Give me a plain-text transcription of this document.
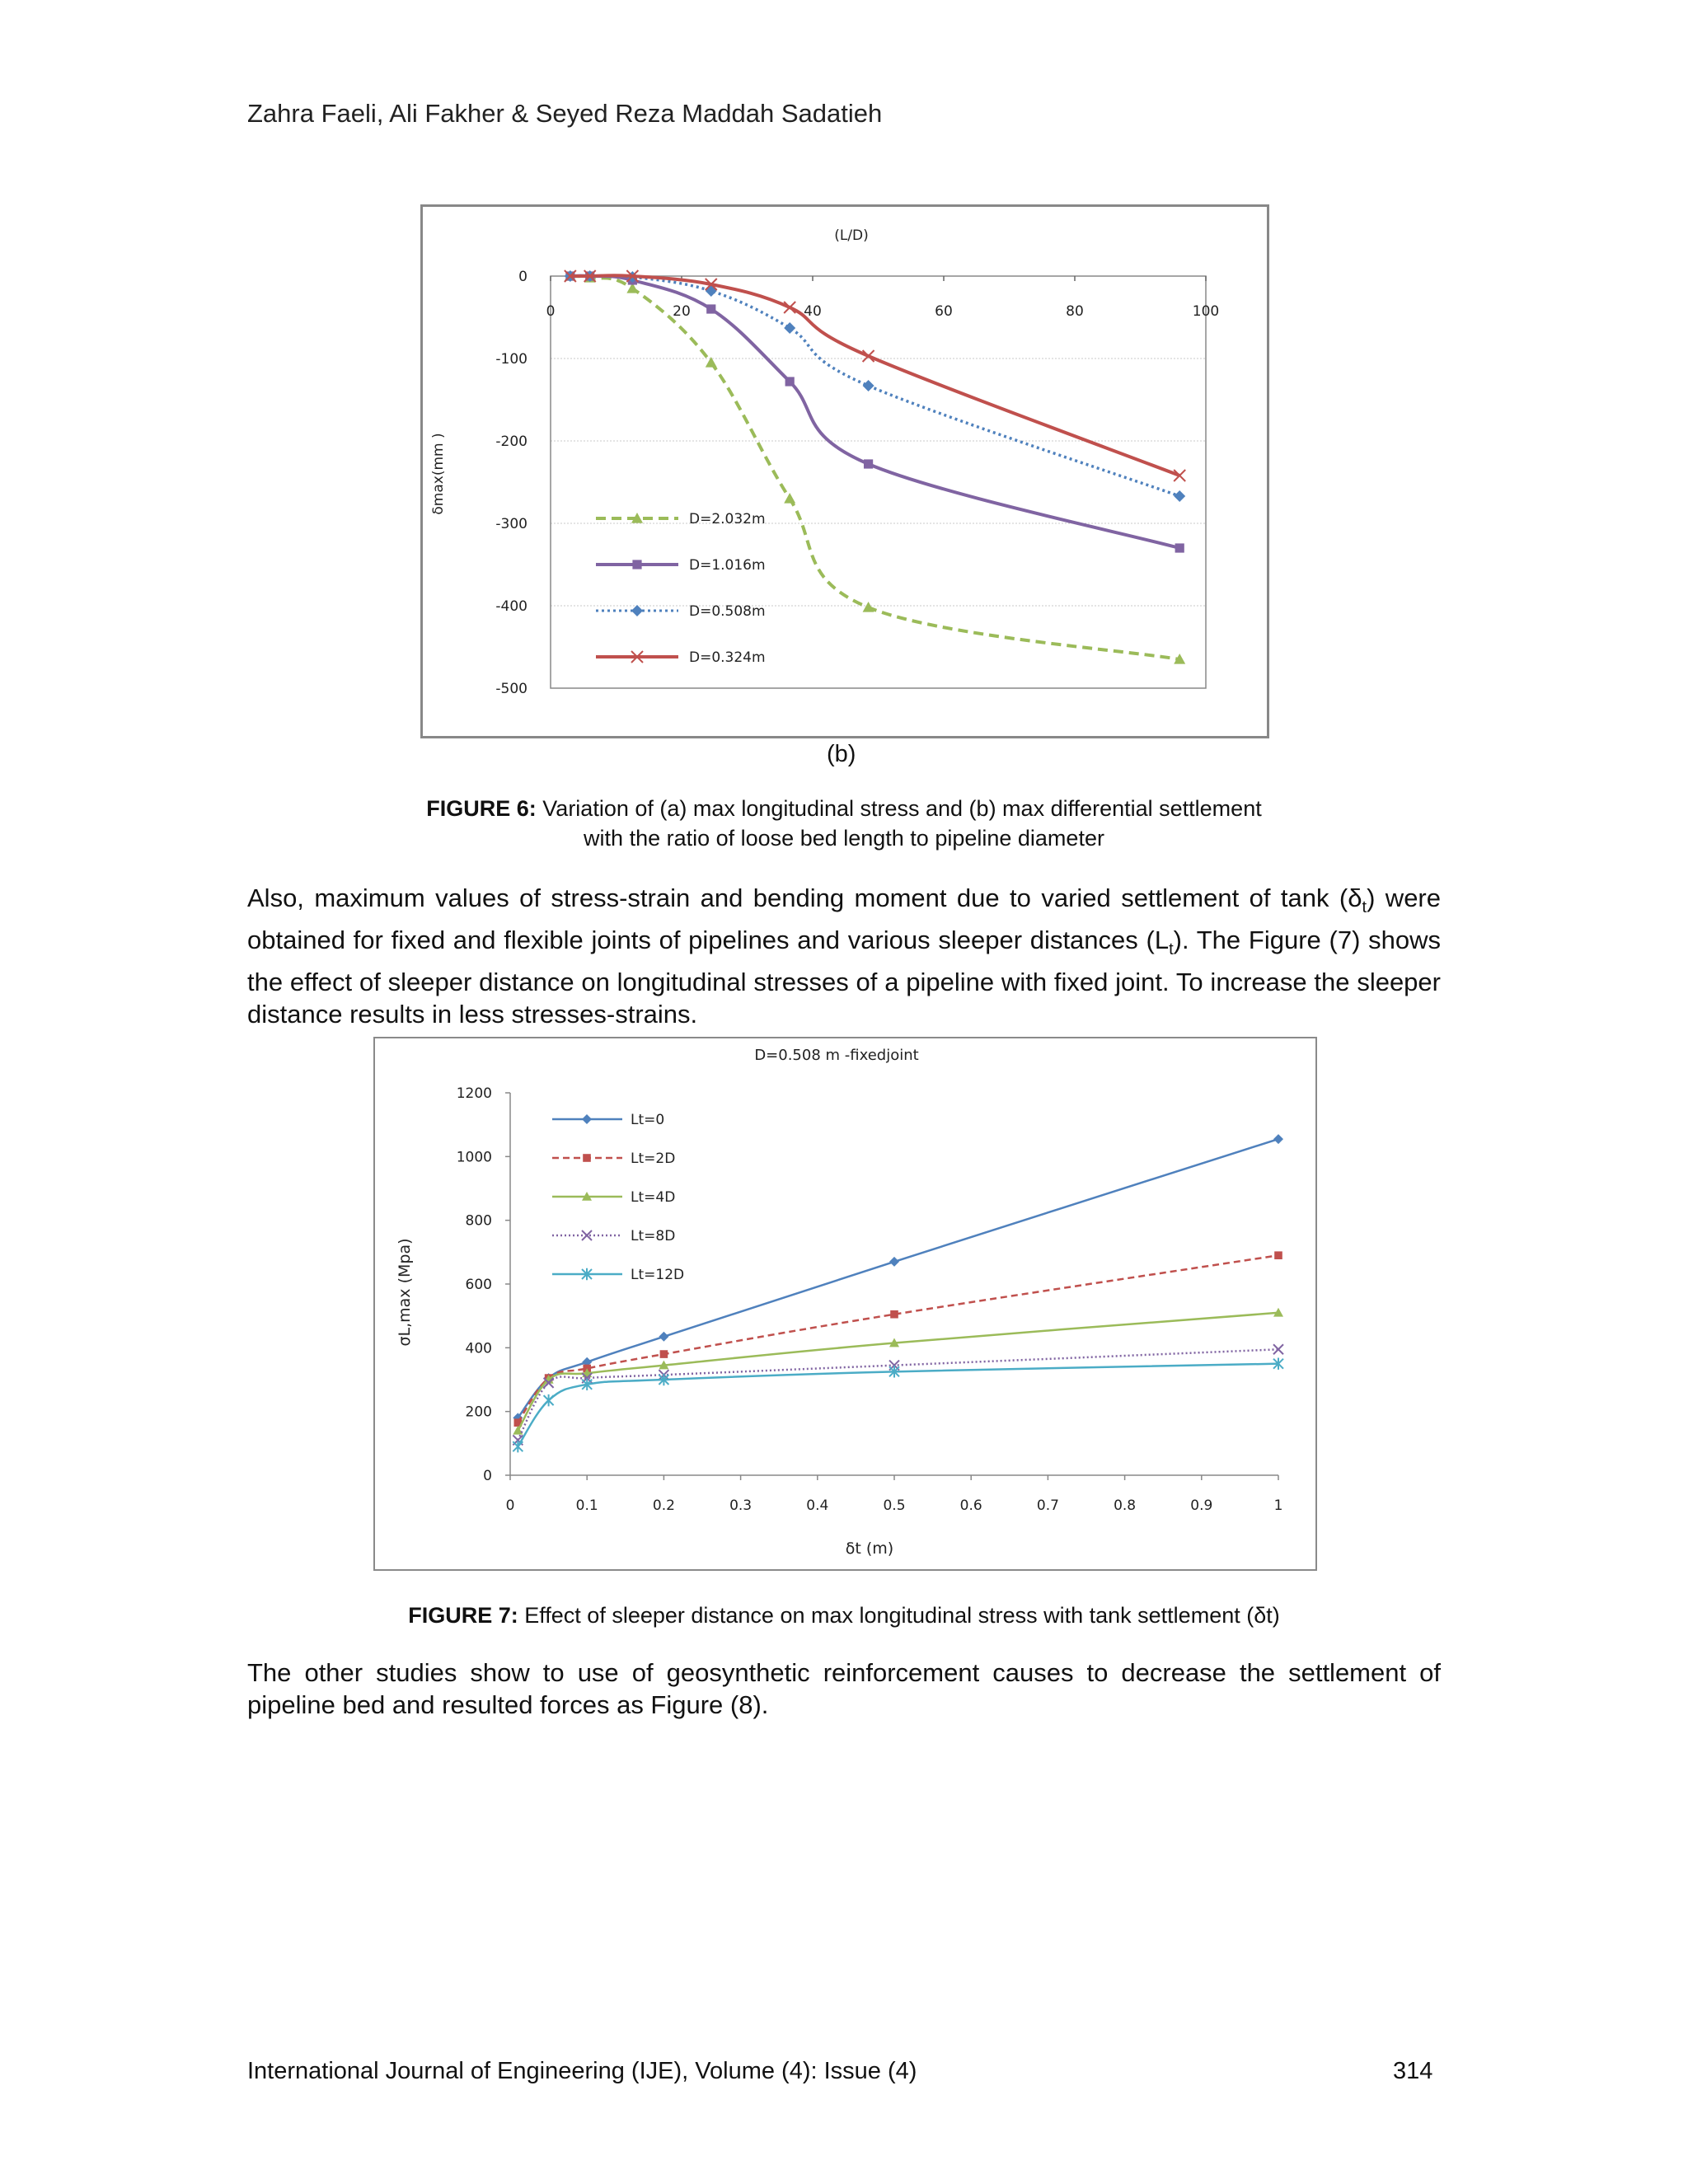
Zahra Faeli, Ali Fakher & Seyed Reza Maddah Sadatieh
(L/D)
0
-100
-200
-300
-400
-500
0	20	40	60	80	100
δmax(mm )
D=2.032m
D=1.016m
D=0.508m
D=0.324m
(b)
FIGURE 6: Variation of (a) max longitudinal stress and (b) max differential settlement
with the ratio of loose bed length to pipeline diameter
Also, maximum values of stress-strain and bending moment due to varied settlement of tank $(\delta_t)$ were obtained for fixed and flexible joints of pipelines and various sleeper distances $(L_t)$. The Figure (7) shows the effect of sleeper distance on longitudinal stresses of a pipeline with fixed joint. To increase the sleeper distance results in less stresses-strains.
D=0.508 m -fixedjoint
0
200
400
600
800
1000
1200
0	0.1	0.2	0.3	0.4	0.5	0.6	0.7	0.8	0.9	1
δt (m)
σL,max (Mpa)
Lt=0
Lt=2D
Lt=4D
Lt=8D
Lt=12D
FIGURE 7: Effect of sleeper distance on max longitudinal stress with tank settlement (δt)
The other studies show to use of geosynthetic reinforcement causes to decrease the settlement of pipeline bed and resulted forces as Figure (8).
International Journal of Engineering (IJE), Volume (4): Issue (4)	314
